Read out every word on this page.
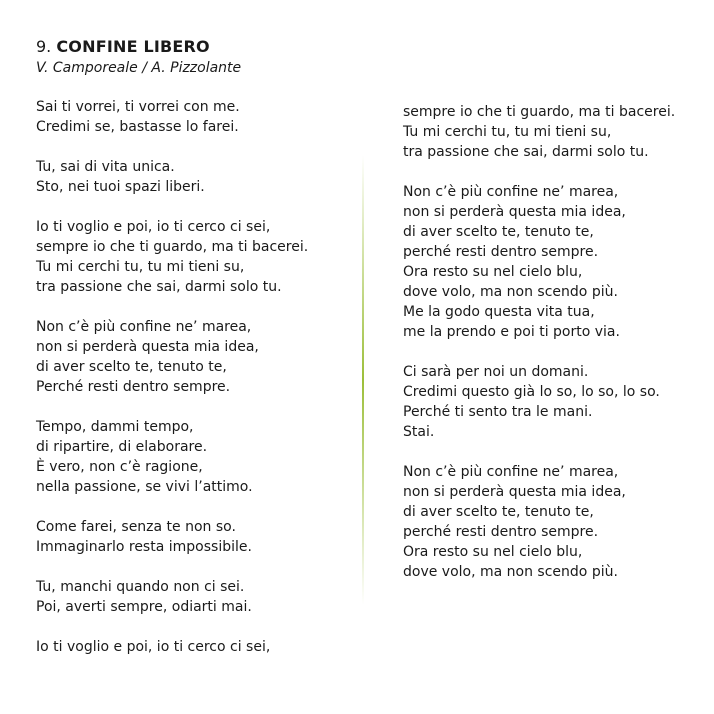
9. CONFINE LIBERO
V. Camporeale / A. Pizzolante
Sai ti vorrei, ti vorrei con me.
Credimi se, bastasse lo farei.
Tu, sai di vita unica.
Sto, nei tuoi spazi liberi.
Io ti voglio e poi, io ti cerco ci sei,
sempre io che ti guardo, ma ti bacerei.
Tu mi cerchi tu, tu mi tieni su,
tra passione che sai, darmi solo tu.
Non c’è più confine ne’ marea,
non si perderà questa mia idea,
di aver scelto te, tenuto te,
Perché resti dentro sempre.
Tempo, dammi tempo,
di ripartire, di elaborare.
È vero, non c’è ragione,
nella passione, se vivi l’attimo.
Come farei, senza te non so.
Immaginarlo resta impossibile.
Tu, manchi quando non ci sei.
Poi, averti sempre, odiarti mai.
Io ti voglio e poi, io ti cerco ci sei,
sempre io che ti guardo, ma ti bacerei.
Tu mi cerchi tu, tu mi tieni su,
tra passione che sai, darmi solo tu.
Non c’è più confine ne’ marea,
non si perderà questa mia idea,
di aver scelto te, tenuto te,
perché resti dentro sempre.
Ora resto su nel cielo blu,
dove volo, ma non scendo più.
Me la godo questa vita tua,
me la prendo e poi ti porto via.
Ci sarà per noi un domani.
Credimi questo già lo so, lo so, lo so.
Perché ti sento tra le mani.
Stai.
Non c’è più confine ne’ marea,
non si perderà questa mia idea,
di aver scelto te, tenuto te,
perché resti dentro sempre.
Ora resto su nel cielo blu,
dove volo, ma non scendo più.
